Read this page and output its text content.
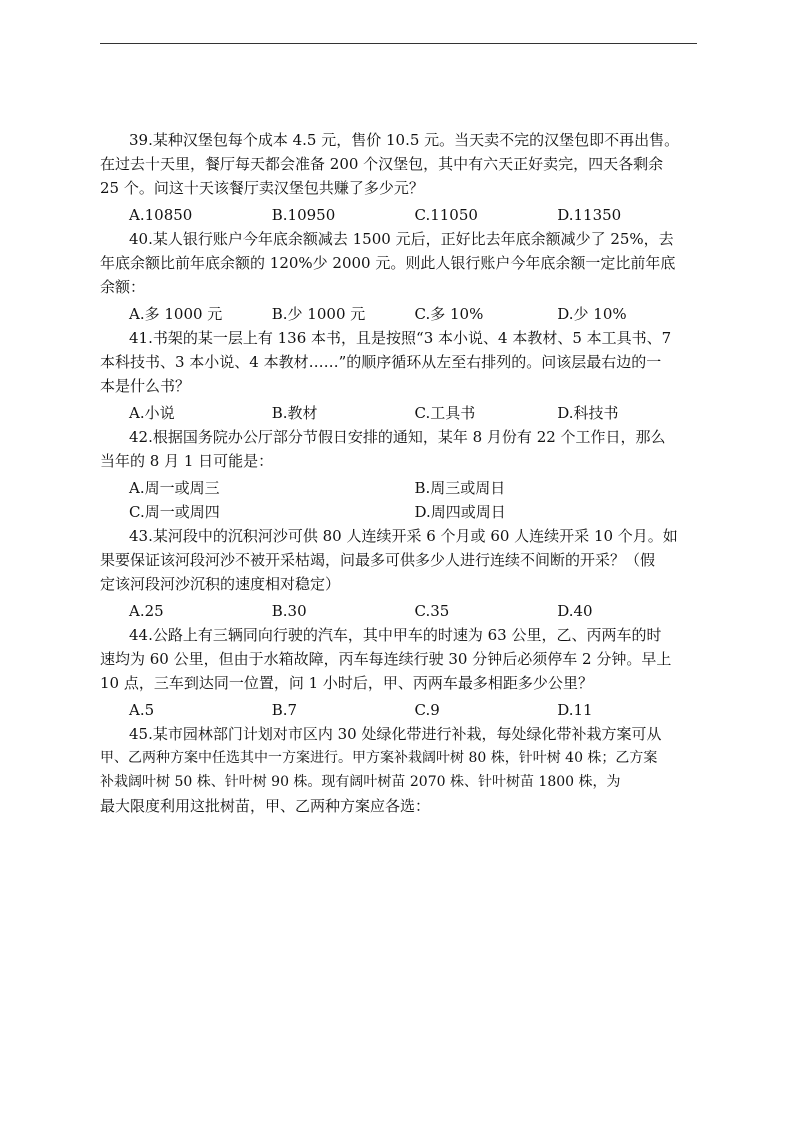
39.某种汉堡包每个成本 4.5 元，售价 10.5 元。当天卖不完的汉堡包即不再出售。
在过去十天里，餐厅每天都会准备 200 个汉堡包，其中有六天正好卖完，四天各剩余
25 个。问这十天该餐厅卖汉堡包共赚了多少元？
A.10850	B.10950	C.11050	D.11350
40.某人银行账户今年底余额减去 1500 元后，正好比去年底余额减少了 25%，去
年底余额比前年底余额的 120%少 2000 元。则此人银行账户今年底余额一定比前年底
余额：
A.多 1000 元	B.少 1000 元	C.多 10%	D.少 10%
41.书架的某一层上有 136 本书，且是按照“3 本小说、4 本教材、5 本工具书、7
本科技书、3 本小说、4 本教材……”的顺序循环从左至右排列的。问该层最右边的一
本是什么书？
A.小说	B.教材	C.工具书	D.科技书
42.根据国务院办公厅部分节假日安排的通知，某年 8 月份有 22 个工作日，那么
当年的 8 月 1 日可能是：
A.周一或周三	B.周三或周日
C.周一或周四	D.周四或周日
43.某河段中的沉积河沙可供 80 人连续开采 6 个月或 60 人连续开采 10 个月。如
果要保证该河段河沙不被开采枯竭，问最多可供多少人进行连续不间断的开采？（假
定该河段河沙沉积的速度相对稳定）
A.25	B.30	C.35	D.40
44.公路上有三辆同向行驶的汽车，其中甲车的时速为 63 公里，乙、丙两车的时
速均为 60 公里，但由于水箱故障，丙车每连续行驶 30 分钟后必须停车 2 分钟。早上
10 点，三车到达同一位置，问 1 小时后，甲、丙两车最多相距多少公里？
A.5	B.7	C.9	D.11
45.某市园林部门计划对市区内 30 处绿化带进行补栽，每处绿化带补栽方案可从
甲、乙两种方案中任选其中一方案进行。甲方案补栽阔叶树 80 株，针叶树 40 株；乙方案
补栽阔叶树 50 株、针叶树 90 株。现有阔叶树苗 2070 株、针叶树苗 1800 株，为
最大限度利用这批树苗，甲、乙两种方案应各选：
